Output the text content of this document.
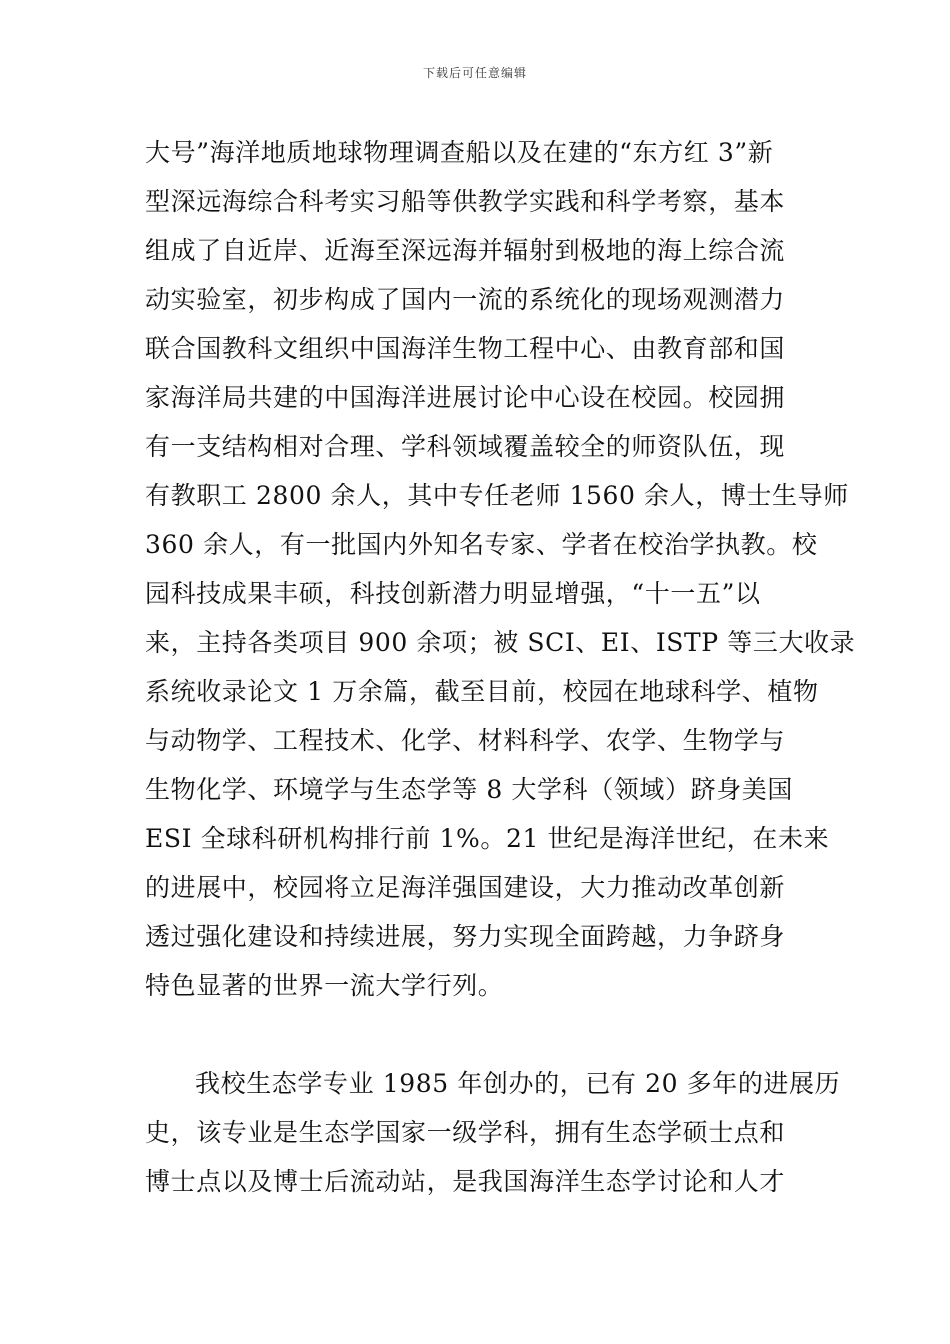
下载后可任意编辑
大号”海洋地质地球物理调查船以及在建的“东方红 3”新
型深远海综合科考实习船等供教学实践和科学考察，基本
组成了自近岸、近海至深远海并辐射到极地的海上综合流
动实验室，初步构成了国内一流的系统化的现场观测潜力
联合国教科文组织中国海洋生物工程中心、由教育部和国
家海洋局共建的中国海洋进展讨论中心设在校园。校园拥
有一支结构相对合理、学科领域覆盖较全的师资队伍，现
有教职工 2800 余人，其中专任老师 1560 余人，博士生导师
360 余人，有一批国内外知名专家、学者在校治学执教。校
园科技成果丰硕，科技创新潜力明显增强，“十一五”以
来，主持各类项目 900 余项；被 SCI、EI、ISTP 等三大收录
系统收录论文 1 万余篇，截至目前，校园在地球科学、植物
与动物学、工程技术、化学、材料科学、农学、生物学与
生物化学、环境学与生态学等 8 大学科（领域）跻身美国
ESI 全球科研机构排行前 1%。21 世纪是海洋世纪，在未来
的进展中，校园将立足海洋强国建设，大力推动改革创新
透过强化建设和持续进展，努力实现全面跨越，力争跻身
特色显著的世界一流大学行列。
我校生态学专业 1985 年创办的，已有 20 多年的进展历
史，该专业是生态学国家一级学科，拥有生态学硕士点和
博士点以及博士后流动站，是我国海洋生态学讨论和人才
